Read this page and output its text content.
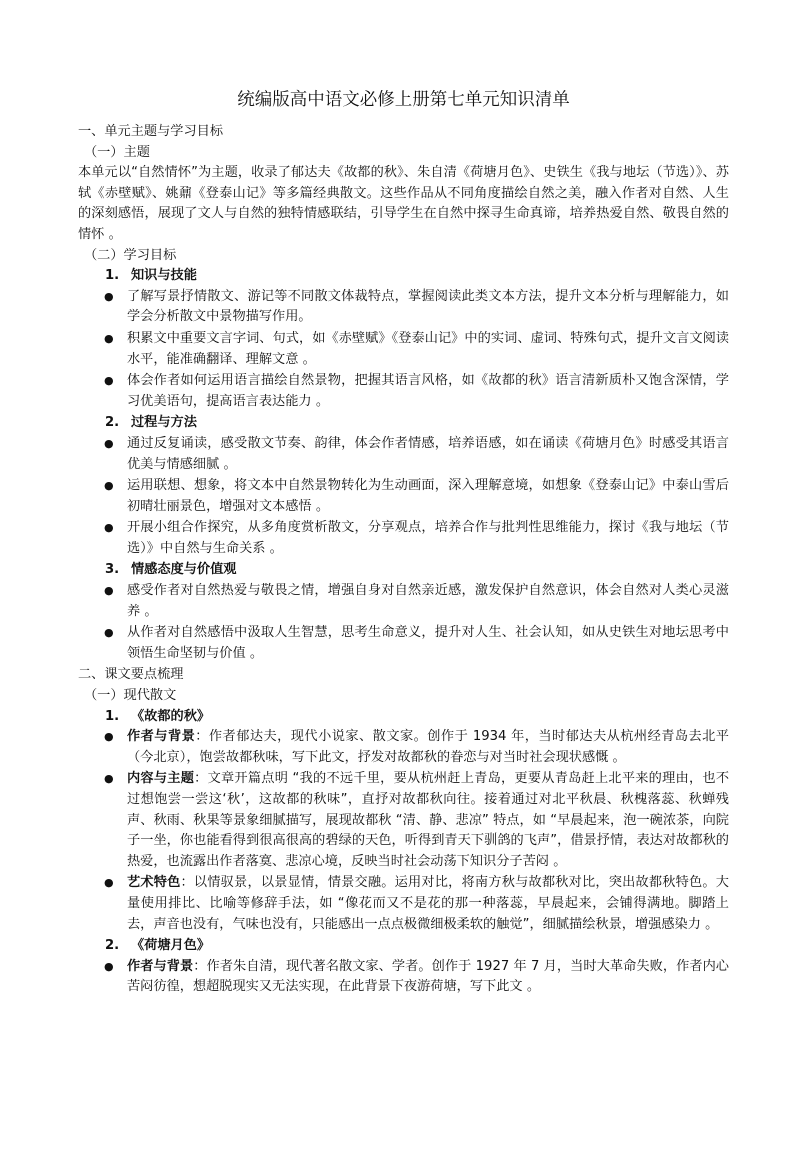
统编版高中语文必修上册第七单元知识清单

一、单元主题与学习目标

（一）主题

本单元以“自然情怀”为主题，收录了郁达夫《故都的秋》、朱自清《荷塘月色》、史铁生《我与地坛（节选）》、苏轼《赤壁赋》、姚鼐《登泰山记》等多篇经典散文。这些作品从不同角度描绘自然之美，融入作者对自然、人生的深刻感悟，展现了文人与自然的独特情感联结，引导学生在自然中探寻生命真谛，培养热爱自然、敬畏自然的情怀 。

（二）学习目标

1. 知识与技能

● 了解写景抒情散文、游记等不同散文体裁特点，掌握阅读此类文本方法，提升文本分析与理解能力，如学会分析散文中景物描写作用。

● 积累文中重要文言字词、句式，如《赤壁赋》《登泰山记》中的实词、虚词、特殊句式，提升文言文阅读水平，能准确翻译、理解文意 。

● 体会作者如何运用语言描绘自然景物，把握其语言风格，如《故都的秋》语言清新质朴又饱含深情，学习优美语句，提高语言表达能力 。

2. 过程与方法

● 通过反复诵读，感受散文节奏、韵律，体会作者情感，培养语感，如在诵读《荷塘月色》时感受其语言优美与情感细腻 。

● 运用联想、想象，将文本中自然景物转化为生动画面，深入理解意境，如想象《登泰山记》中泰山雪后初晴壮丽景色，增强对文本感悟 。

● 开展小组合作探究，从多角度赏析散文，分享观点，培养合作与批判性思维能力，探讨《我与地坛（节选）》中自然与生命关系 。

3. 情感态度与价值观

● 感受作者对自然热爱与敬畏之情，增强自身对自然亲近感，激发保护自然意识，体会自然对人类心灵滋养 。

● 从作者对自然感悟中汲取人生智慧，思考生命意义，提升对人生、社会认知，如从史铁生对地坛思考中领悟生命坚韧与价值 。

二、课文要点梳理

（一）现代散文

1. 《故都的秋》

● 作者与背景：作者郁达夫，现代小说家、散文家。创作于 1934 年，当时郁达夫从杭州经青岛去北平（今北京），饱尝故都秋味，写下此文，抒发对故都秋的眷恋与对当时社会现状感慨 。

● 内容与主题：文章开篇点明 “我的不远千里，要从杭州赶上青岛，更要从青岛赶上北平来的理由，也不过想饱尝一尝这‘秋’，这故都的秋味”，直抒对故都秋向往。接着通过对北平秋晨、秋槐落蕊、秋蝉残声、秋雨、秋果等景象细腻描写，展现故都秋 “清、静、悲凉” 特点，如 “早晨起来，泡一碗浓茶，向院子一坐，你也能看得到很高很高的碧绿的天色，听得到青天下驯鸽的飞声”，借景抒情，表达对故都秋的热爱，也流露出作者落寞、悲凉心境，反映当时社会动荡下知识分子苦闷 。

● 艺术特色：以情驭景，以景显情，情景交融。运用对比，将南方秋与故都秋对比，突出故都秋特色。大量使用排比、比喻等修辞手法，如 “像花而又不是花的那一种落蕊，早晨起来，会铺得满地。脚踏上去，声音也没有，气味也没有，只能感出一点点极微细极柔软的触觉”，细腻描绘秋景，增强感染力 。

2. 《荷塘月色》

● 作者与背景：作者朱自清，现代著名散文家、学者。创作于 1927 年 7 月，当时大革命失败，作者内心苦闷彷徨，想超脱现实又无法实现，在此背景下夜游荷塘，写下此文 。
